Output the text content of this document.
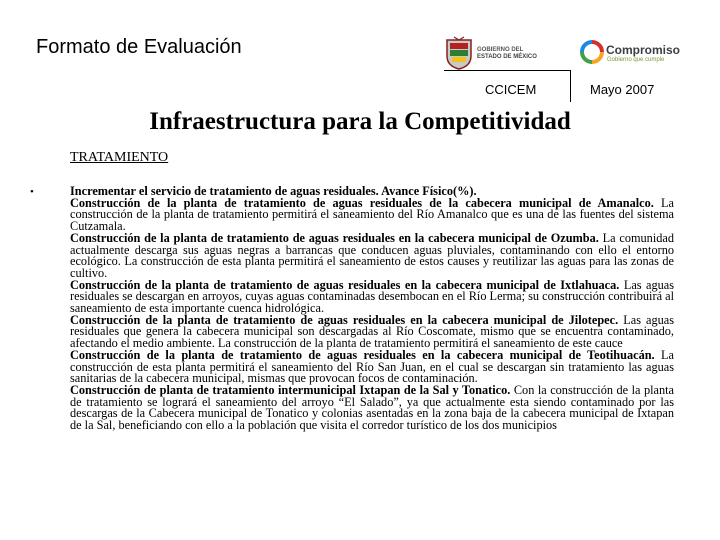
Formato de Evaluación	GOBIERNO DEL
ESTADO DE MÉXICO	Compromiso
Gobierno que cumple
CCICEM	Mayo 2007
Infraestructura para la Competitividad
TRATAMIENTO
•	Incrementar el servicio de tratamiento de aguas residuales. Avance Físico(%).

Construcción de la planta de tratamiento de aguas residuales de la cabecera municipal de Amanalco. La construcción de la planta de tratamiento permitirá el saneamiento del Río Amanalco que es una de las fuentes del sistema Cutzamala.

Construcción de la planta de tratamiento de aguas residuales en la cabecera municipal de Ozumba. La comunidad actualmente descarga sus aguas negras a barrancas que conducen aguas pluviales, contaminando con ello el entorno ecológico. La construcción de esta planta permitirá el saneamiento de estos causes y reutilizar las aguas para las zonas de cultivo.

Construcción de la planta de tratamiento de aguas residuales en la cabecera municipal de Ixtlahuaca. Las aguas residuales se descargan en arroyos, cuyas aguas contaminadas desembocan en el Río Lerma; su construcción contribuirá al saneamiento de esta importante cuenca hidrológica.

Construcción de la planta de tratamiento de aguas residuales en la cabecera municipal de Jilotepec. Las aguas residuales que genera la cabecera municipal son descargadas al Río Coscomate, mismo que se encuentra contaminado, afectando el medio ambiente. La construcción de la planta de tratamiento permitirá el saneamiento de este cauce

Construcción de la planta de tratamiento de aguas residuales en la cabecera municipal de Teotihuacán. La construcción de esta planta permitirá el saneamiento del Río San Juan, en el cual se descargan sin tratamiento las aguas sanitarias de la cabecera municipal, mismas que provocan focos de contaminación.

Construcción de planta de tratamiento intermunicipal Ixtapan de la Sal y Tonatico. Con la construcción de la planta de tratamiento se logrará el saneamiento del arroyo “El Salado”, ya que actualmente esta siendo contaminado por las descargas de la Cabecera municipal de Tonatico y colonias asentadas en la zona baja de la cabecera municipal de Ixtapan de la Sal, beneficiando con ello a la población que visita el corredor turístico de los dos municipios
